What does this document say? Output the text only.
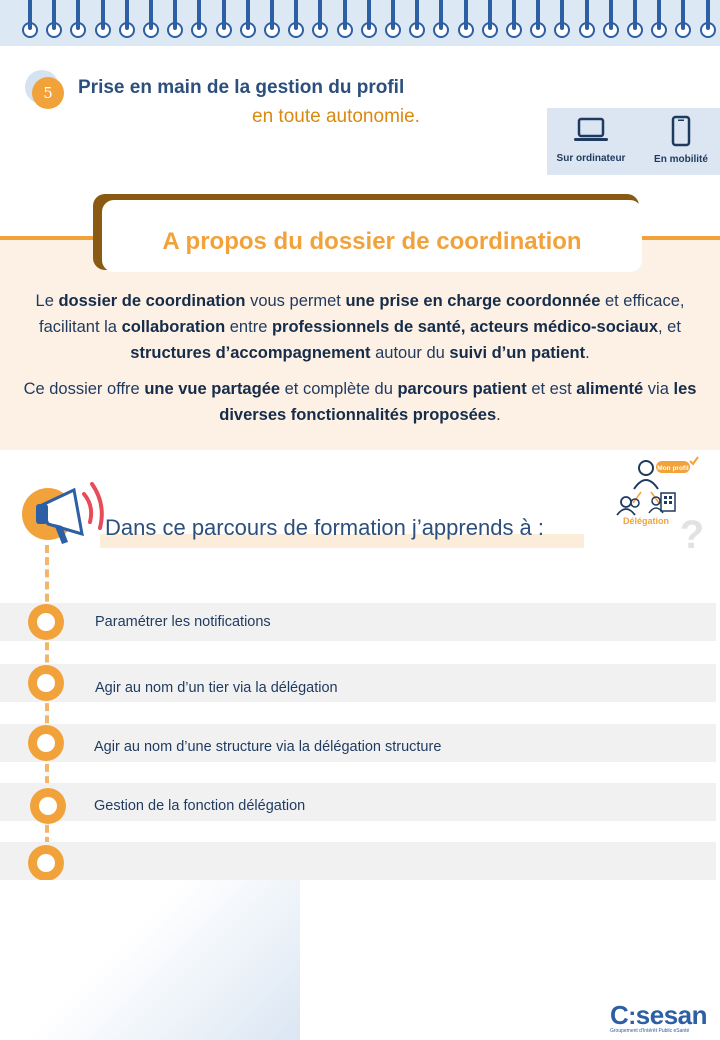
5	Prise en main de la gestion du profil
en toute autonomie.
Sur ordinateur	En mobilité
A propos du dossier de coordination

Le dossier de coordination vous permet une prise en charge coordonnée et efficace, facilitant la collaboration entre professionnels de santé, acteurs médico-sociaux, et structures d’accompagnement autour du suivi d’un patient.

Ce dossier offre une vue partagée et complète du parcours patient et est alimenté via les diverses fonctionnalités proposées.

Mon profil
Délégation ?
Dans ce parcours de formation j’apprends à :
Paramétrer les notifications
Agir au nom d’un tier via la délégation
Agir au nom d’une structure via la délégation structure
Gestion de la fonction délégation
C:sesan
Groupement d'Intérêt Public eSanté
